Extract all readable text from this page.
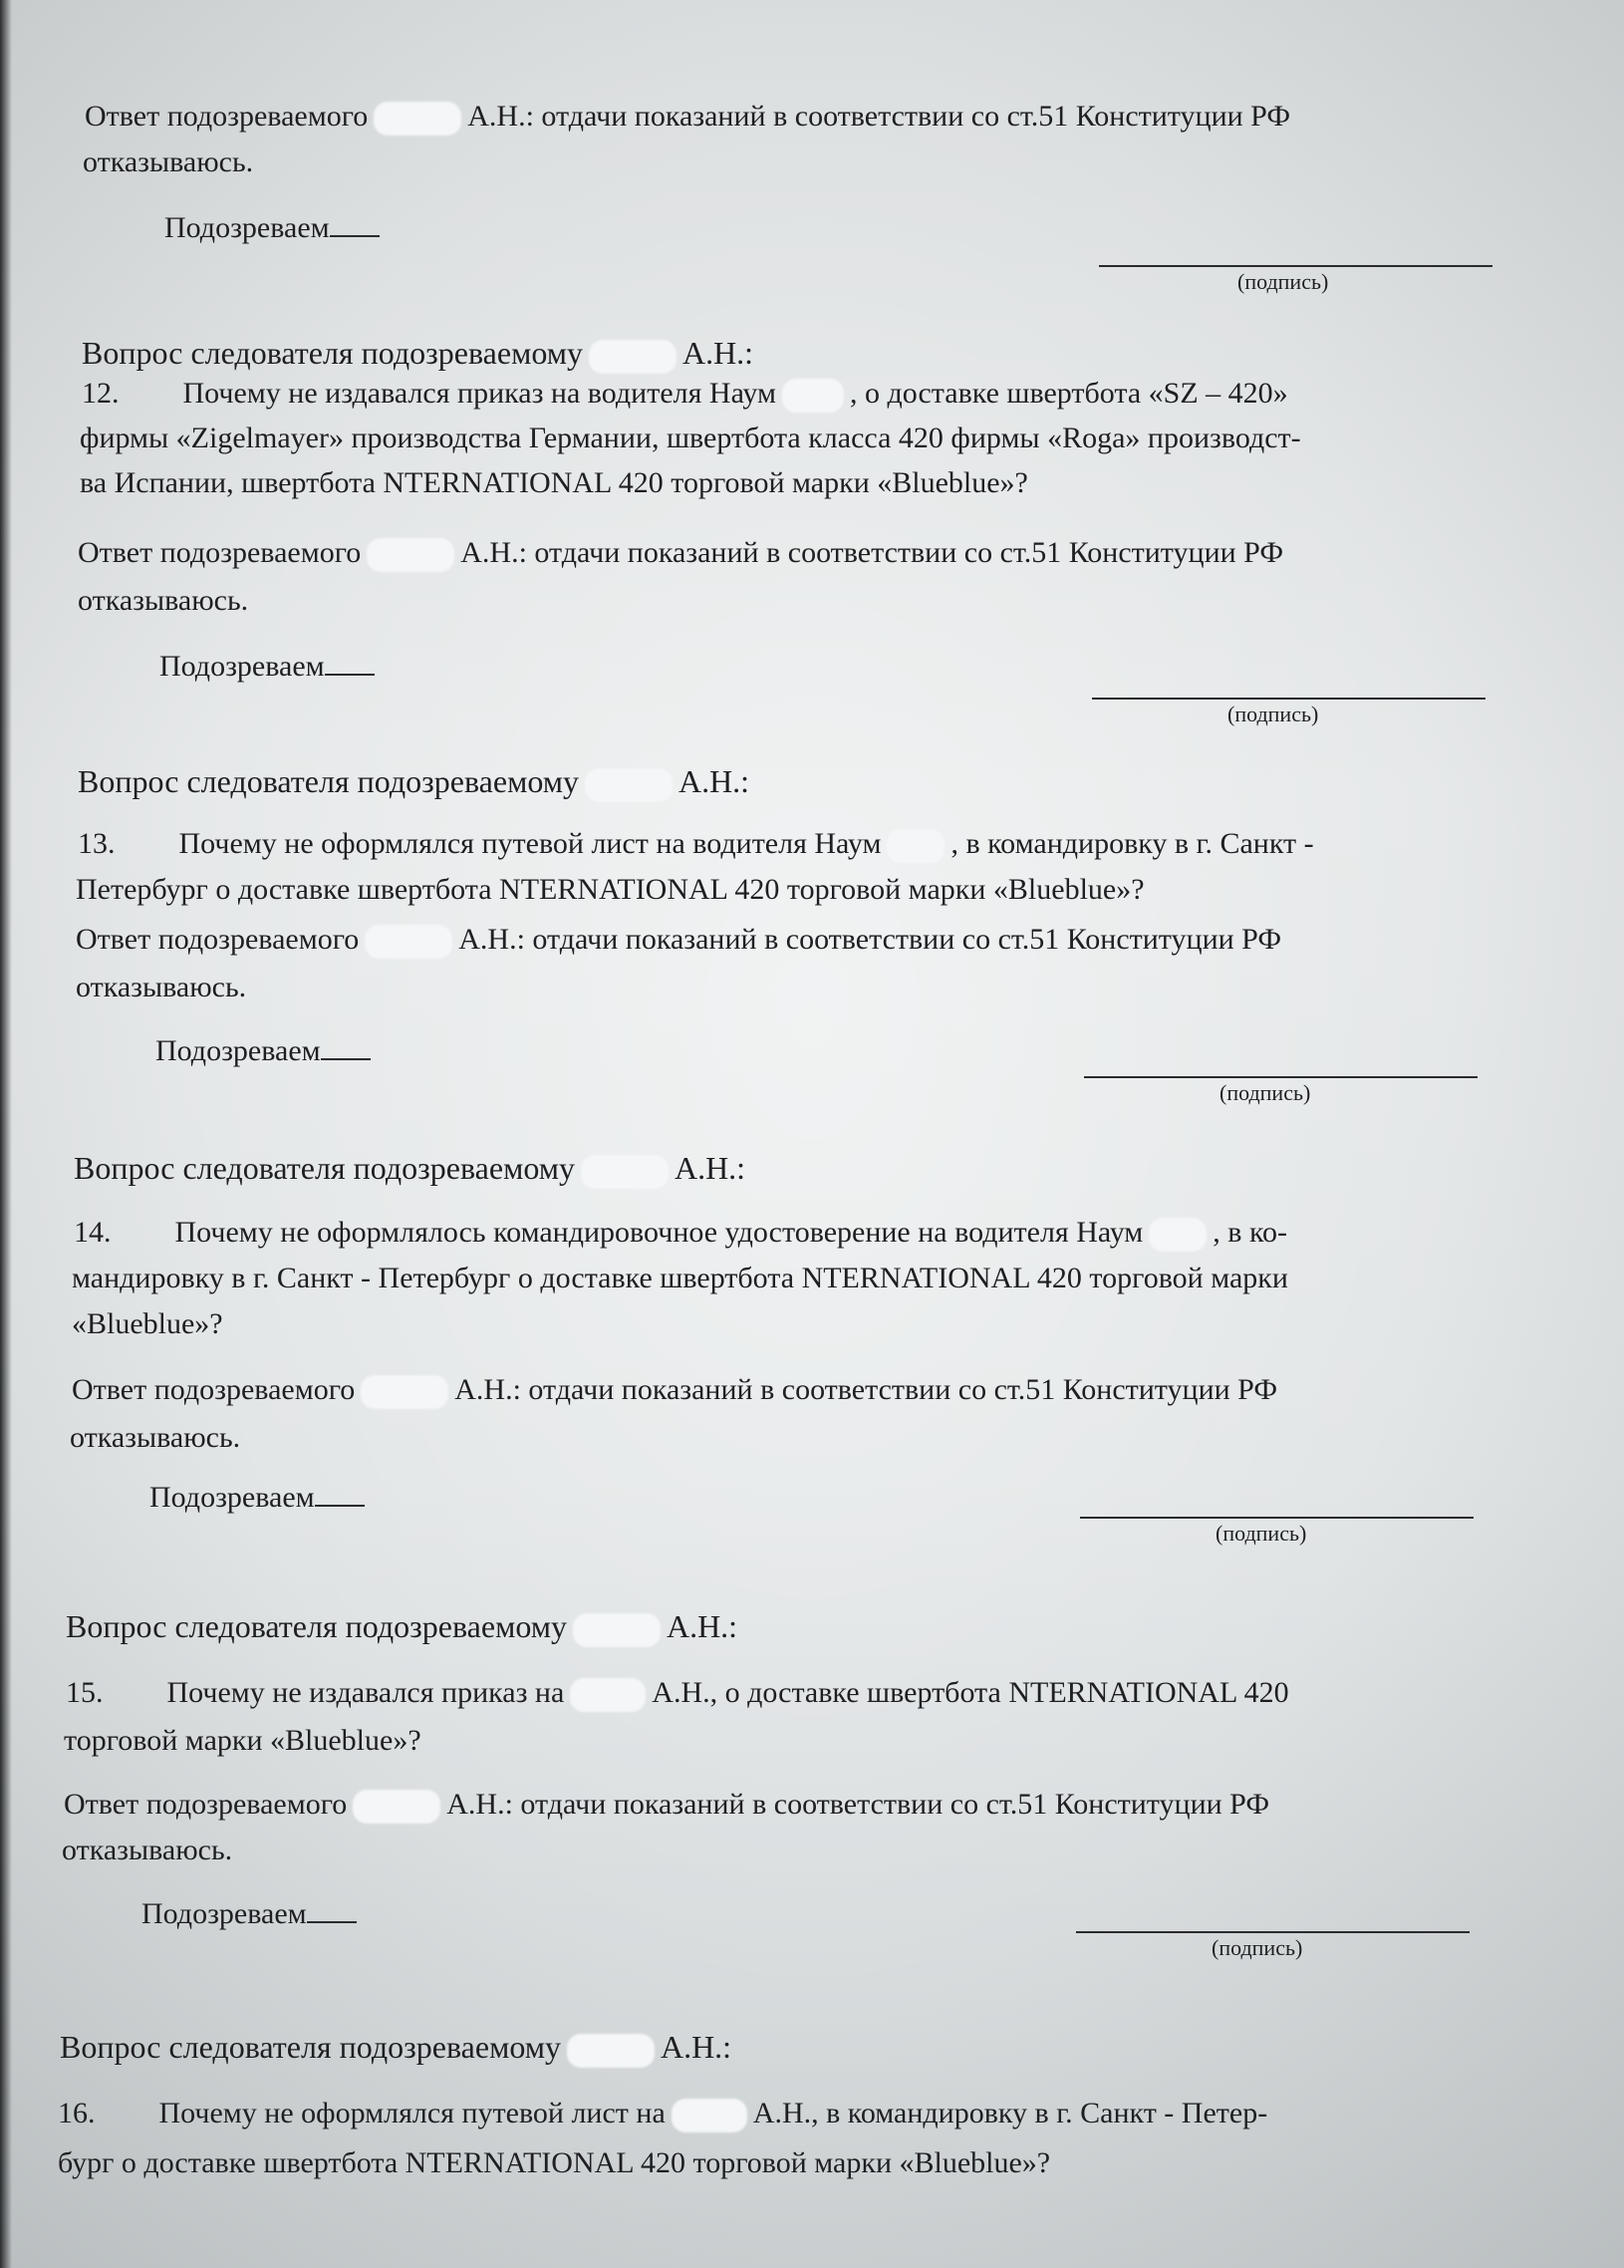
Ответ подозреваемого	А.Н.: отдачи показаний в соответствии со ст.51 Конституции РФ
отказываюсь.
Подозреваем
(подпись)
Вопрос следователя подозреваемому	А.Н.:
12. Почему не издавался приказ на водителя Наум , о доставке швертбота «SZ – 420»
фирмы «Zigelmayer» производства Германии, швертбота класса 420 фирмы «Roga» производст-
ва Испании, швертбота NTERNATIONAL 420 торговой марки «Blueblue»?
Ответ подозреваемого	А.Н.: отдачи показаний в соответствии со ст.51 Конституции РФ
отказываюсь.
Подозреваем
(подпись)
Вопрос следователя подозреваемому	А.Н.:
13. Почему не оформлялся путевой лист на водителя Наум , в командировку в г. Санкт -
Петербург о доставке швертбота NTERNATIONAL 420 торговой марки «Blueblue»?
Ответ подозреваемого	А.Н.: отдачи показаний в соответствии со ст.51 Конституции РФ
отказываюсь.
Подозреваем
(подпись)
Вопрос следователя подозреваемому	А.Н.:
14. Почему не оформлялось командировочное удостоверение на водителя Наум , в ко-
мандировку в г. Санкт - Петербург о доставке швертбота NTERNATIONAL 420 торговой марки
«Blueblue»?
Ответ подозреваемого	А.Н.: отдачи показаний в соответствии со ст.51 Конституции РФ
отказываюсь.
Подозреваем
(подпись)
Вопрос следователя подозреваемому	А.Н.:
15. Почему не издавался приказ на	А.Н., о доставке швертбота NTERNATIONAL 420
торговой марки «Blueblue»?
Ответ подозреваемого	А.Н.: отдачи показаний в соответствии со ст.51 Конституции РФ
отказываюсь.
Подозреваем
(подпись)
Вопрос следователя подозреваемому	А.Н.:
16. Почему не оформлялся путевой лист на	А.Н., в командировку в г. Санкт - Петер-
бург о доставке швертбота NTERNATIONAL 420 торговой марки «Blueblue»?
